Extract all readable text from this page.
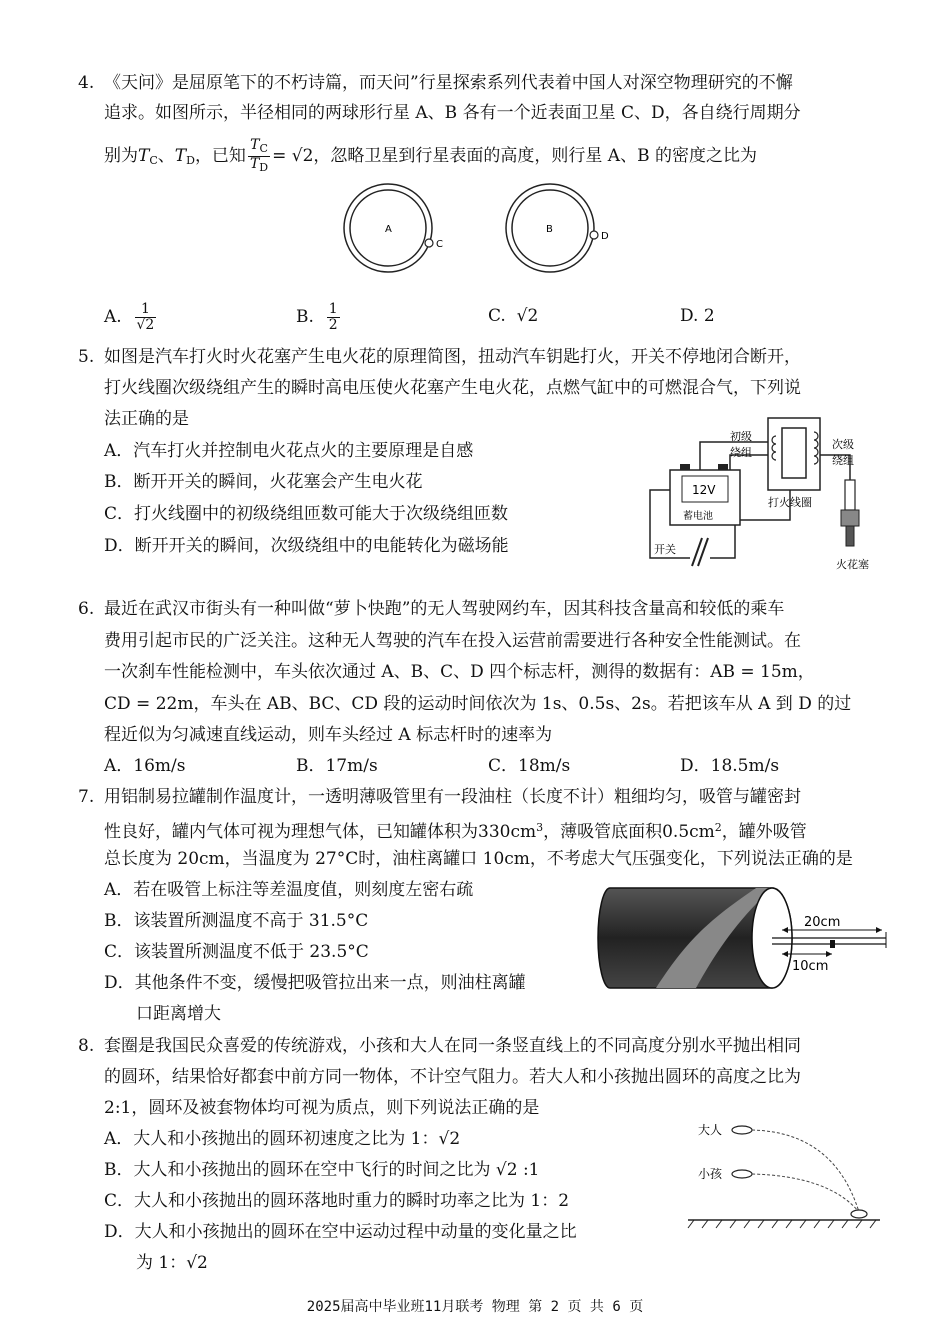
4. 《天问》是屈原笔下的不朽诗篇，而天问”行星探索系列代表着中国人对深空物理研究的不懈
追求。如图所示，半径相同的两球形行星 A、B 各有一个近表面卫星 C、D，各自绕行周期分
别为$T_C$、$T_D$，已知 $\frac{T_C}{T_D} = √2$，忽略卫星到行星表面的高度，则行星 A、B 的密度之比为
A
C
B
D
A. $\frac{1}{√2}$	B. $\frac{1}{2}$	C. √2	D. 2
5. 如图是汽车打火时火花塞产生电火花的原理简图，扭动汽车钥匙打火，开关不停地闭合断开，
打火线圈次级绕组产生的瞬时高电压使火花塞产生电火花，点燃气缸中的可燃混合气，下列说
法正确的是
A．汽车打火并控制电火花点火的主要原理是自感
B．断开开关的瞬间，火花塞会产生电火花
C．打火线圈中的初级绕组匝数可能大于次级绕组匝数
D．断开开关的瞬间，次级绕组中的电能转化为磁场能
12V
蓄电池
初级
绕组
次级
绕组
打火线圈
火花塞
开关
6. 最近在武汉市街头有一种叫做“萝卜快跑”的无人驾驶网约车，因其科技含量高和较低的乘车
费用引起市民的广泛关注。这种无人驾驶的汽车在投入运营前需要进行各种安全性能测试。在
一次刹车性能检测中，车头依次通过 A、B、C、D 四个标志杆，测得的数据有：AB = 15m，
CD = 22m，车头在 AB、BC、CD 段的运动时间依次为 1s、0.5s、2s。若把该车从 A 到 D 的过
程近似为匀减速直线运动，则车头经过 A 标志杆时的速率为
A．16m/s	B．17m/s	C．18m/s	D．18.5m/s
7. 用铝制易拉罐制作温度计，一透明薄吸管里有一段油柱（长度不计）粗细均匀，吸管与罐密封
性良好，罐内气体可视为理想气体，已知罐体积为$330cm^3$，薄吸管底面积$0.5cm^2$，罐外吸管
总长度为 20cm，当温度为 27°C时，油柱离罐口 10cm，不考虑大气压强变化，下列说法正确的是
A．若在吸管上标注等差温度值，则刻度左密右疏
B．该装置所测温度不高于 31.5°C
C．该装置所测温度不低于 23.5°C
D．其他条件不变，缓慢把吸管拉出来一点，则油柱离罐
口距离增大
20cm
10cm
8. 套圈是我国民众喜爱的传统游戏，小孩和大人在同一条竖直线上的不同高度分别水平抛出相同
的圆环，结果恰好都套中前方同一物体，不计空气阻力。若大人和小孩抛出圆环的高度之比为
2:1，圆环及被套物体均可视为质点，则下列说法正确的是
A．大人和小孩抛出的圆环初速度之比为 1：√2
B．大人和小孩抛出的圆环在空中飞行的时间之比为 √2 :1
C．大人和小孩抛出的圆环落地时重力的瞬时功率之比为 1：2
D．大人和小孩抛出的圆环在空中运动过程中动量的变化量之比
为 1：√2
大人
小孩
2025届高中毕业班11月联考 物理 第 2 页 共 6 页
